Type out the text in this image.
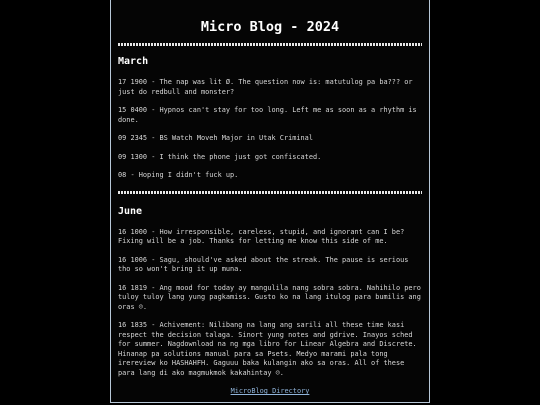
Micro Blog - 2024
March
17 1900 - The nap was lit Ø. The question now is: matutulog pa ba??? or just do redbull and monster?
15 0400 - Hypnos can't stay for too long. Left me as soon as a rhythm is done.
09 2345 - BS Watch Moveh Major in Utak Criminal
09 1300 - I think the phone just got confiscated.
08 - Hoping I didn't fuck up.
June
16 1000 - How irresponsible, careless, stupid, and ignorant can I be? Fixing will be a job. Thanks for letting me know this side of me.
16 1006 - Sagu, should've asked about the streak. The pause is serious tho so won't bring it up muna.
16 1819 - Ang mood for today ay mangulila nang sobra sobra. Nahihilo pero tuloy tuloy lang yung pagkamiss. Gusto ko na lang itulog para bumilis ang oras ☹.
16 1835 - Achivement: Nilibang na lang ang sarili all these time kasi respect the decision talaga. Sinort yung notes and gdrive. Inayos sched for summer. Nagdownload na ng mga libro for Linear Algebra and Discrete. Hinanap pa solutions manual para sa Psets. Medyo marami pala tong irereview ko HASHAHFH. Gaguuu baka kulangin ako sa oras. All of these para lang di ako magmukmok kakahintay ☹.
MicroBlog Directory
